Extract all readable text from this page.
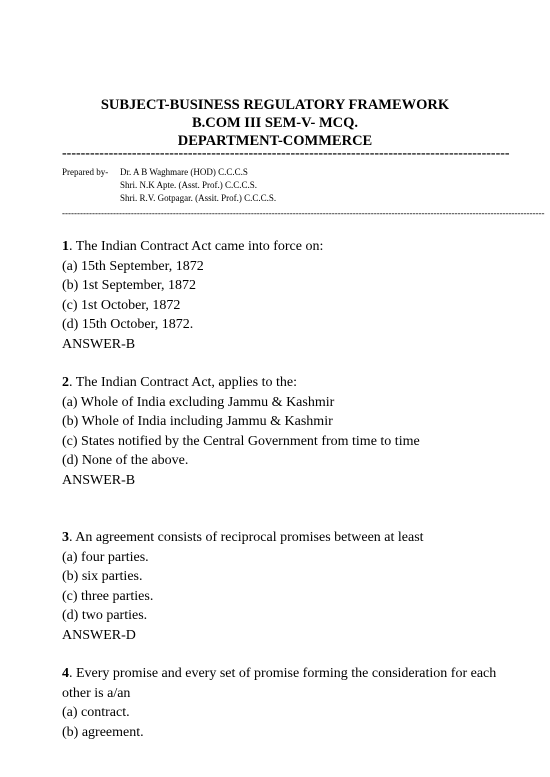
SUBJECT-BUSINESS REGULATORY FRAMEWORK
B.COM III SEM-V- MCQ.
DEPARTMENT-COMMERCE
------------------------------------------------------------------------------------------------
Prepared by-	Dr. A B Waghmare (HOD) C.C.C.S
Shri. N.K Apte. (Asst. Prof.) C.C.C.S.
Shri. R.V. Gotpagar. (Assit. Prof.) C.C.C.S.
-----------------------------------------------------------------------------------------------------------------------------------------------------------------
1. The Indian Contract Act came into force on:
(a) 15th September, 1872
(b) 1st September, 1872
(c) 1st October, 1872
(d) 15th October, 1872.
ANSWER-B
2. The Indian Contract Act, applies to the:
(a) Whole of India excluding Jammu & Kashmir
(b) Whole of India including Jammu & Kashmir
(c) States notified by the Central Government from time to time
(d) None of the above.
ANSWER-B
3. An agreement consists of reciprocal promises between at least
(a) four parties.
(b) six parties.
(c) three parties.
(d) two parties.
ANSWER-D
4. Every promise and every set of promise forming the consideration for each other is a/an
(a) contract.
(b) agreement.
